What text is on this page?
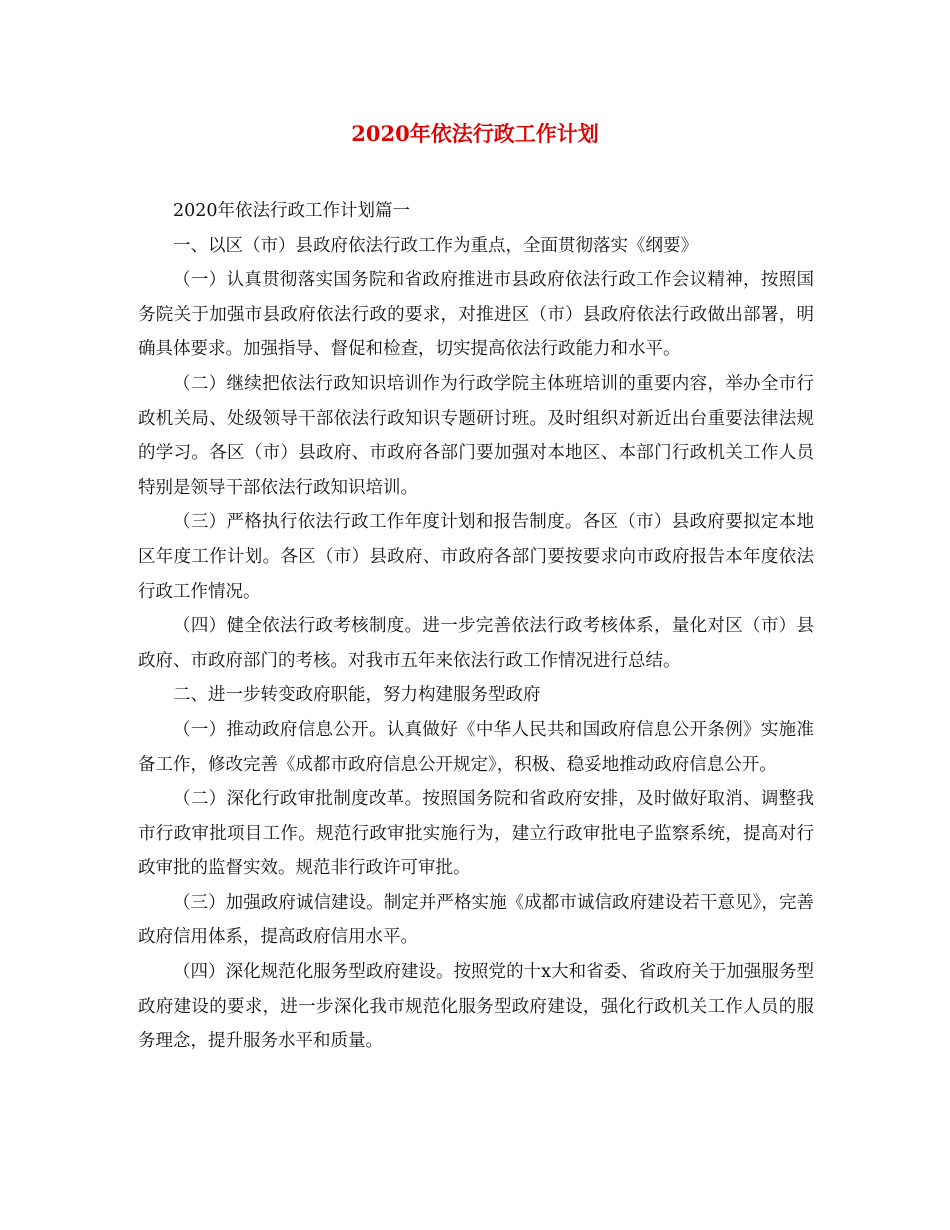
2020年依法行政工作计划

2020年依法行政工作计划篇一

一、以区（市）县政府依法行政工作为重点，全面贯彻落实《纲要》

（一）认真贯彻落实国务院和省政府推进市县政府依法行政工作会议精神，按照国务院关于加强市县政府依法行政的要求，对推进区（市）县政府依法行政做出部署，明确具体要求。加强指导、督促和检查，切实提高依法行政能力和水平。

（二）继续把依法行政知识培训作为行政学院主体班培训的重要内容，举办全市行政机关局、处级领导干部依法行政知识专题研讨班。及时组织对新近出台重要法律法规的学习。各区（市）县政府、市政府各部门要加强对本地区、本部门行政机关工作人员特别是领导干部依法行政知识培训。

（三）严格执行依法行政工作年度计划和报告制度。各区（市）县政府要拟定本地区年度工作计划。各区（市）县政府、市政府各部门要按要求向市政府报告本年度依法行政工作情况。

（四）健全依法行政考核制度。进一步完善依法行政考核体系，量化对区（市）县政府、市政府部门的考核。对我市五年来依法行政工作情况进行总结。

二、进一步转变政府职能，努力构建服务型政府

（一）推动政府信息公开。认真做好《中华人民共和国政府信息公开条例》实施准备工作，修改完善《成都市政府信息公开规定》，积极、稳妥地推动政府信息公开。

（二）深化行政审批制度改革。按照国务院和省政府安排，及时做好取消、调整我市行政审批项目工作。规范行政审批实施行为，建立行政审批电子监察系统，提高对行政审批的监督实效。规范非行政许可审批。

（三）加强政府诚信建设。制定并严格实施《成都市诚信政府建设若干意见》，完善政府信用体系，提高政府信用水平。

（四）深化规范化服务型政府建设。按照党的十x大和省委、省政府关于加强服务型政府建设的要求，进一步深化我市规范化服务型政府建设，强化行政机关工作人员的服务理念，提升服务水平和质量。
